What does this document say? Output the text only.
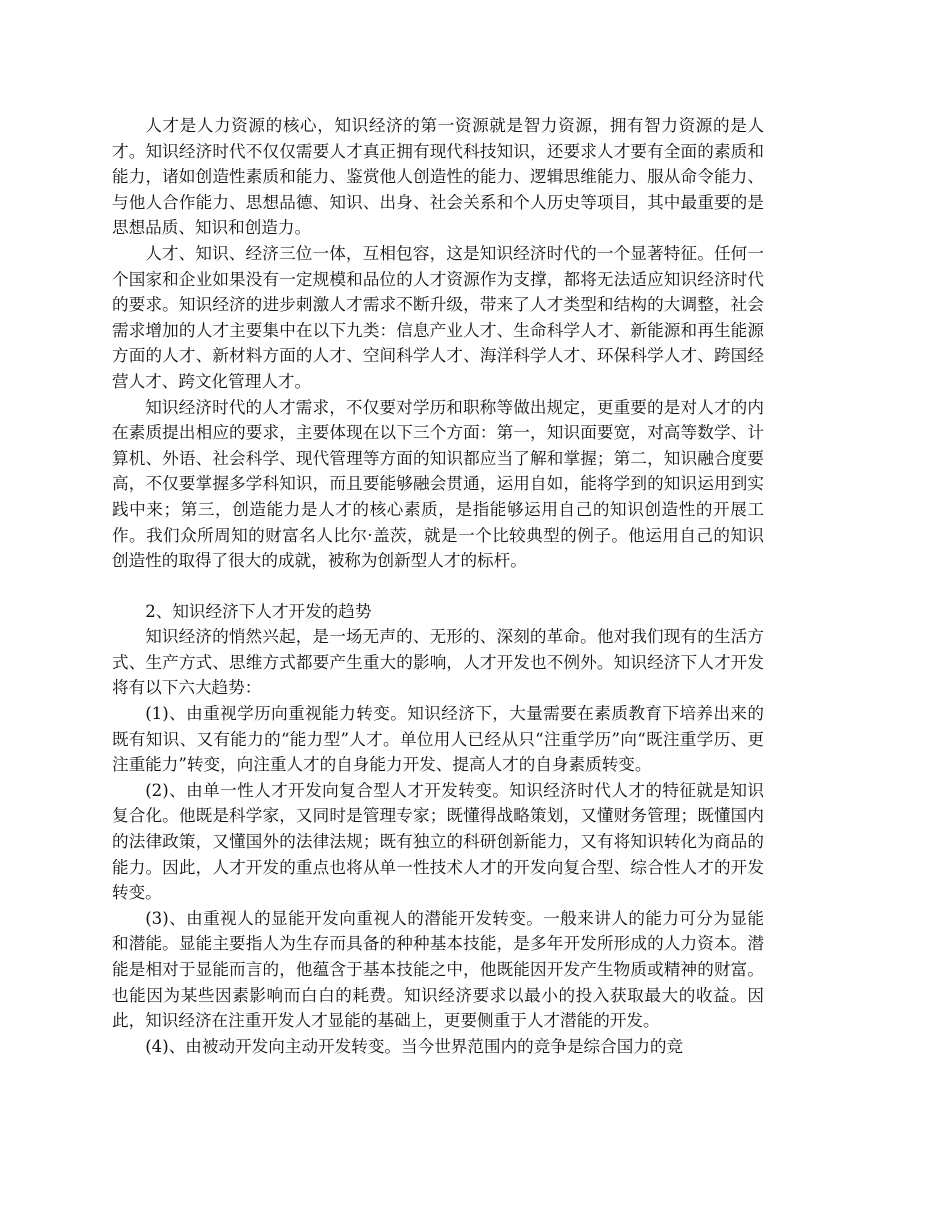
人才是人力资源的核心，知识经济的第一资源就是智力资源，拥有智力资源的是人才。知识经济时代不仅仅需要人才真正拥有现代科技知识，还要求人才要有全面的素质和能力，诸如创造性素质和能力、鉴赏他人创造性的能力、逻辑思维能力、服从命令能力、与他人合作能力、思想品德、知识、出身、社会关系和个人历史等项目，其中最重要的是思想品质、知识和创造力。

人才、知识、经济三位一体，互相包容，这是知识经济时代的一个显著特征。任何一个国家和企业如果没有一定规模和品位的人才资源作为支撑，都将无法适应知识经济时代的要求。知识经济的进步刺激人才需求不断升级，带来了人才类型和结构的大调整，社会需求增加的人才主要集中在以下九类：信息产业人才、生命科学人才、新能源和再生能源方面的人才、新材料方面的人才、空间科学人才、海洋科学人才、环保科学人才、跨国经营人才、跨文化管理人才。

知识经济时代的人才需求，不仅要对学历和职称等做出规定，更重要的是对人才的内在素质提出相应的要求，主要体现在以下三个方面：第一，知识面要宽，对高等数学、计算机、外语、社会科学、现代管理等方面的知识都应当了解和掌握；第二，知识融合度要高，不仅要掌握多学科知识，而且要能够融会贯通，运用自如，能将学到的知识运用到实践中来；第三，创造能力是人才的核心素质，是指能够运用自己的知识创造性的开展工作。我们众所周知的财富名人比尔·盖茨，就是一个比较典型的例子。他运用自己的知识创造性的取得了很大的成就，被称为创新型人才的标杆。

2、知识经济下人才开发的趋势

知识经济的悄然兴起，是一场无声的、无形的、深刻的革命。他对我们现有的生活方式、生产方式、思维方式都要产生重大的影响，人才开发也不例外。知识经济下人才开发将有以下六大趋势：

(1)、由重视学历向重视能力转变。知识经济下，大量需要在素质教育下培养出来的既有知识、又有能力的“能力型”人才。单位用人已经从只“注重学历”向“既注重学历、更注重能力”转变，向注重人才的自身能力开发、提高人才的自身素质转变。

(2)、由单一性人才开发向复合型人才开发转变。知识经济时代人才的特征就是知识复合化。他既是科学家，又同时是管理专家；既懂得战略策划，又懂财务管理；既懂国内的法律政策，又懂国外的法律法规；既有独立的科研创新能力，又有将知识转化为商品的能力。因此，人才开发的重点也将从单一性技术人才的开发向复合型、综合性人才的开发转变。

(3)、由重视人的显能开发向重视人的潜能开发转变。一般来讲人的能力可分为显能和潜能。显能主要指人为生存而具备的种种基本技能，是多年开发所形成的人力资本。潜能是相对于显能而言的，他蕴含于基本技能之中，他既能因开发产生物质或精神的财富。也能因为某些因素影响而白白的耗费。知识经济要求以最小的投入获取最大的收益。因此，知识经济在注重开发人才显能的基础上，更要侧重于人才潜能的开发。

(4)、由被动开发向主动开发转变。当今世界范围内的竞争是综合国力的竞
